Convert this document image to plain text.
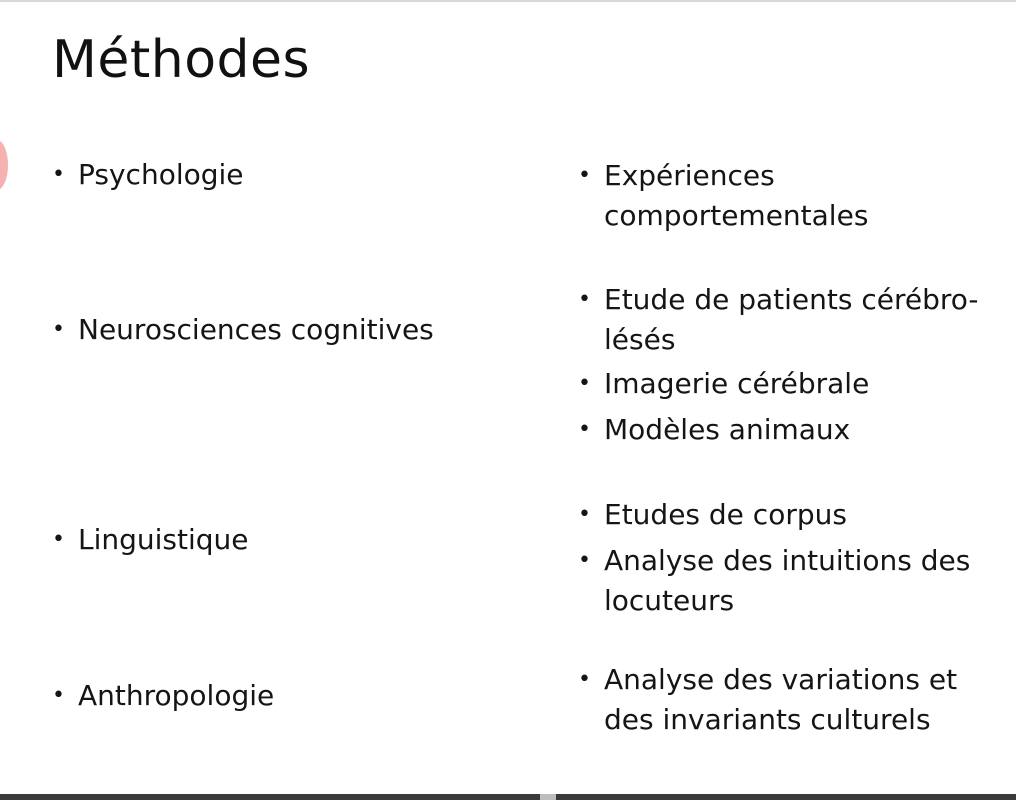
Méthodes
• Psychologie
• Neurosciences cognitives
• Linguistique
• Anthropologie
• Expériences
comportementales
• Etude de patients cérébro-
lésés
• Imagerie cérébrale
• Modèles animaux
• Etudes de corpus
• Analyse des intuitions des
locuteurs
• Analyse des variations et
des invariants culturels
